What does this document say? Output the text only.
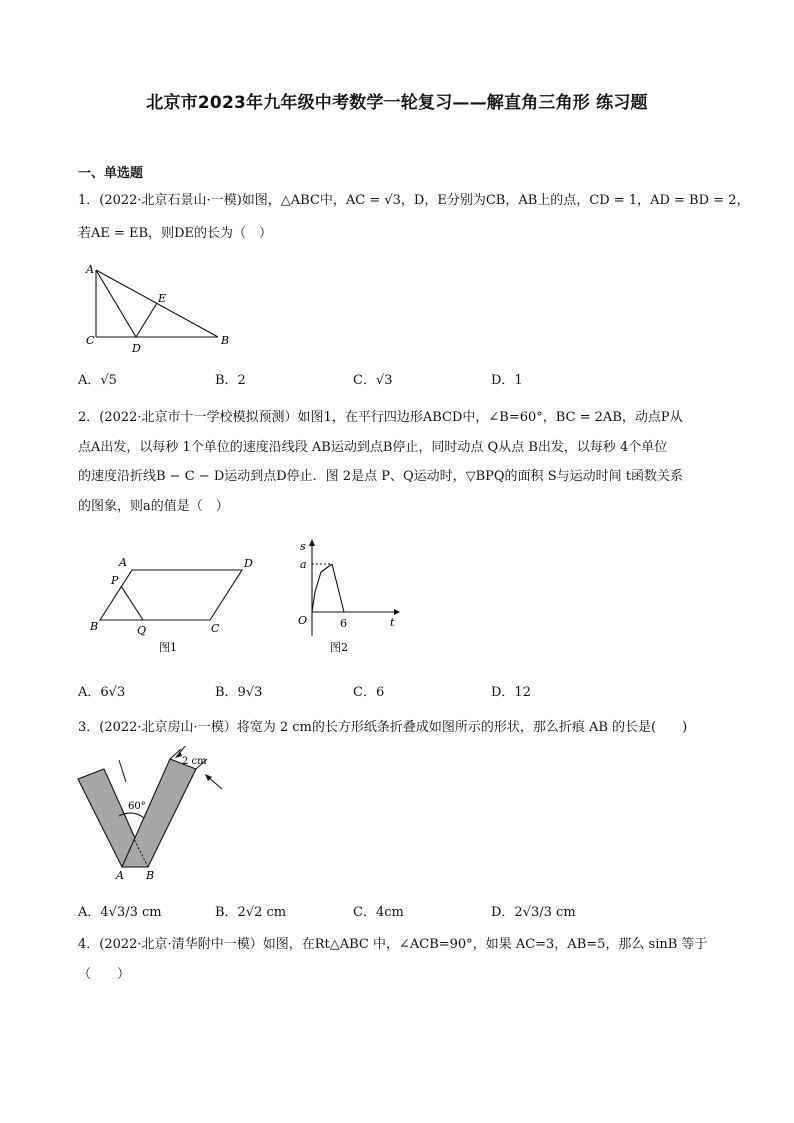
北京市2023年九年级中考数学一轮复习——解直角三角形 练习题
一、单选题
1．(2022·北京石景山·一模)如图，△ABC中，AC = √3，D，E分别为CB，AB上的点，CD = 1，AD = BD = 2，
若AE = EB，则DE的长为（　）
A
C
D
E
B
A．√5	B．2	C．√3	D．1
2．(2022·北京市十一学校模拟预测）如图1，在平行四边形ABCD中，∠B=60°，BC = 2AB，动点P从
点A出发，以每秒 1个单位的速度沿线段 AB运动到点B停止，同时动点 Q从点 B出发，以每秒 4个单位
的速度沿折线B − C − D运动到点D停止．图 2是点 P、Q运动时，▽BPQ的面积 S与运动时间 t函数关系
的图象，则a的值是（　）
A	D
P
B	Q	C
图1
s
a
O	6	t
图2
A．6√3	B．9√3	C．6	D．12
3．(2022·北京房山·一模）将宽为 2 cm的长方形纸条折叠成如图所示的形状，那么折痕 AB 的长是(　　)
2 cm
60°
A B
A．4√3/3 cm	B．2√2 cm	C．4cm	D．2√3/3 cm
4．(2022·北京·清华附中一模）如图，在Rt△ABC 中，∠ACB=90°，如果 AC=3，AB=5，那么 sinB 等于
（　　）
